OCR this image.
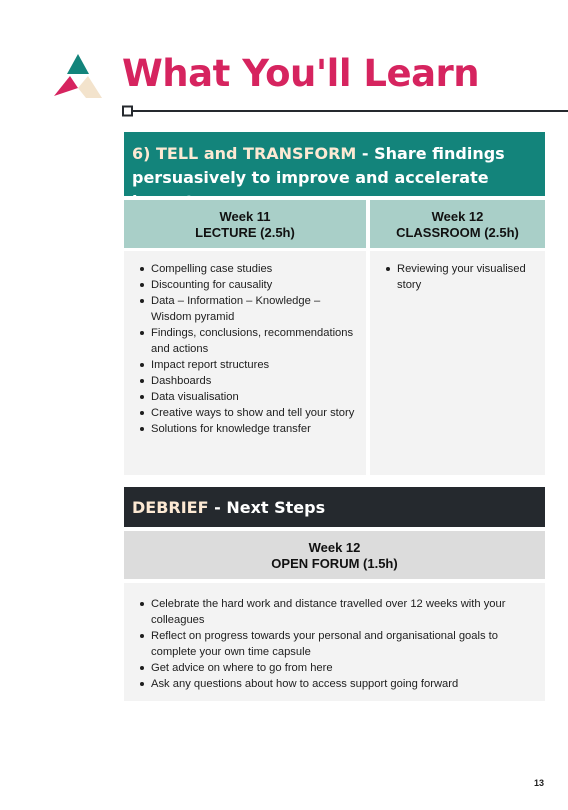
What You'll Learn
6) TELL and TRANSFORM - Share findings persuasively to improve and accelerate
Week 11
LECTURE (2.5h)
Week 12
CLASSROOM (2.5h)
Compelling case studies
Discounting for causality
Data – Information – Knowledge – Wisdom pyramid
Findings, conclusions, recommendations and actions
Impact report structures
Dashboards
Data visualisation
Creative ways to show and tell your story
Solutions for knowledge transfer
Reviewing your visualised story
DEBRIEF - Next Steps
Week 12
OPEN FORUM (1.5h)
Celebrate the hard work and distance travelled over 12 weeks with your colleagues
Reflect on progress towards your personal and organisational goals to complete your own time capsule
Get advice on where to go from here
Ask any questions about how to access support going forward
13
